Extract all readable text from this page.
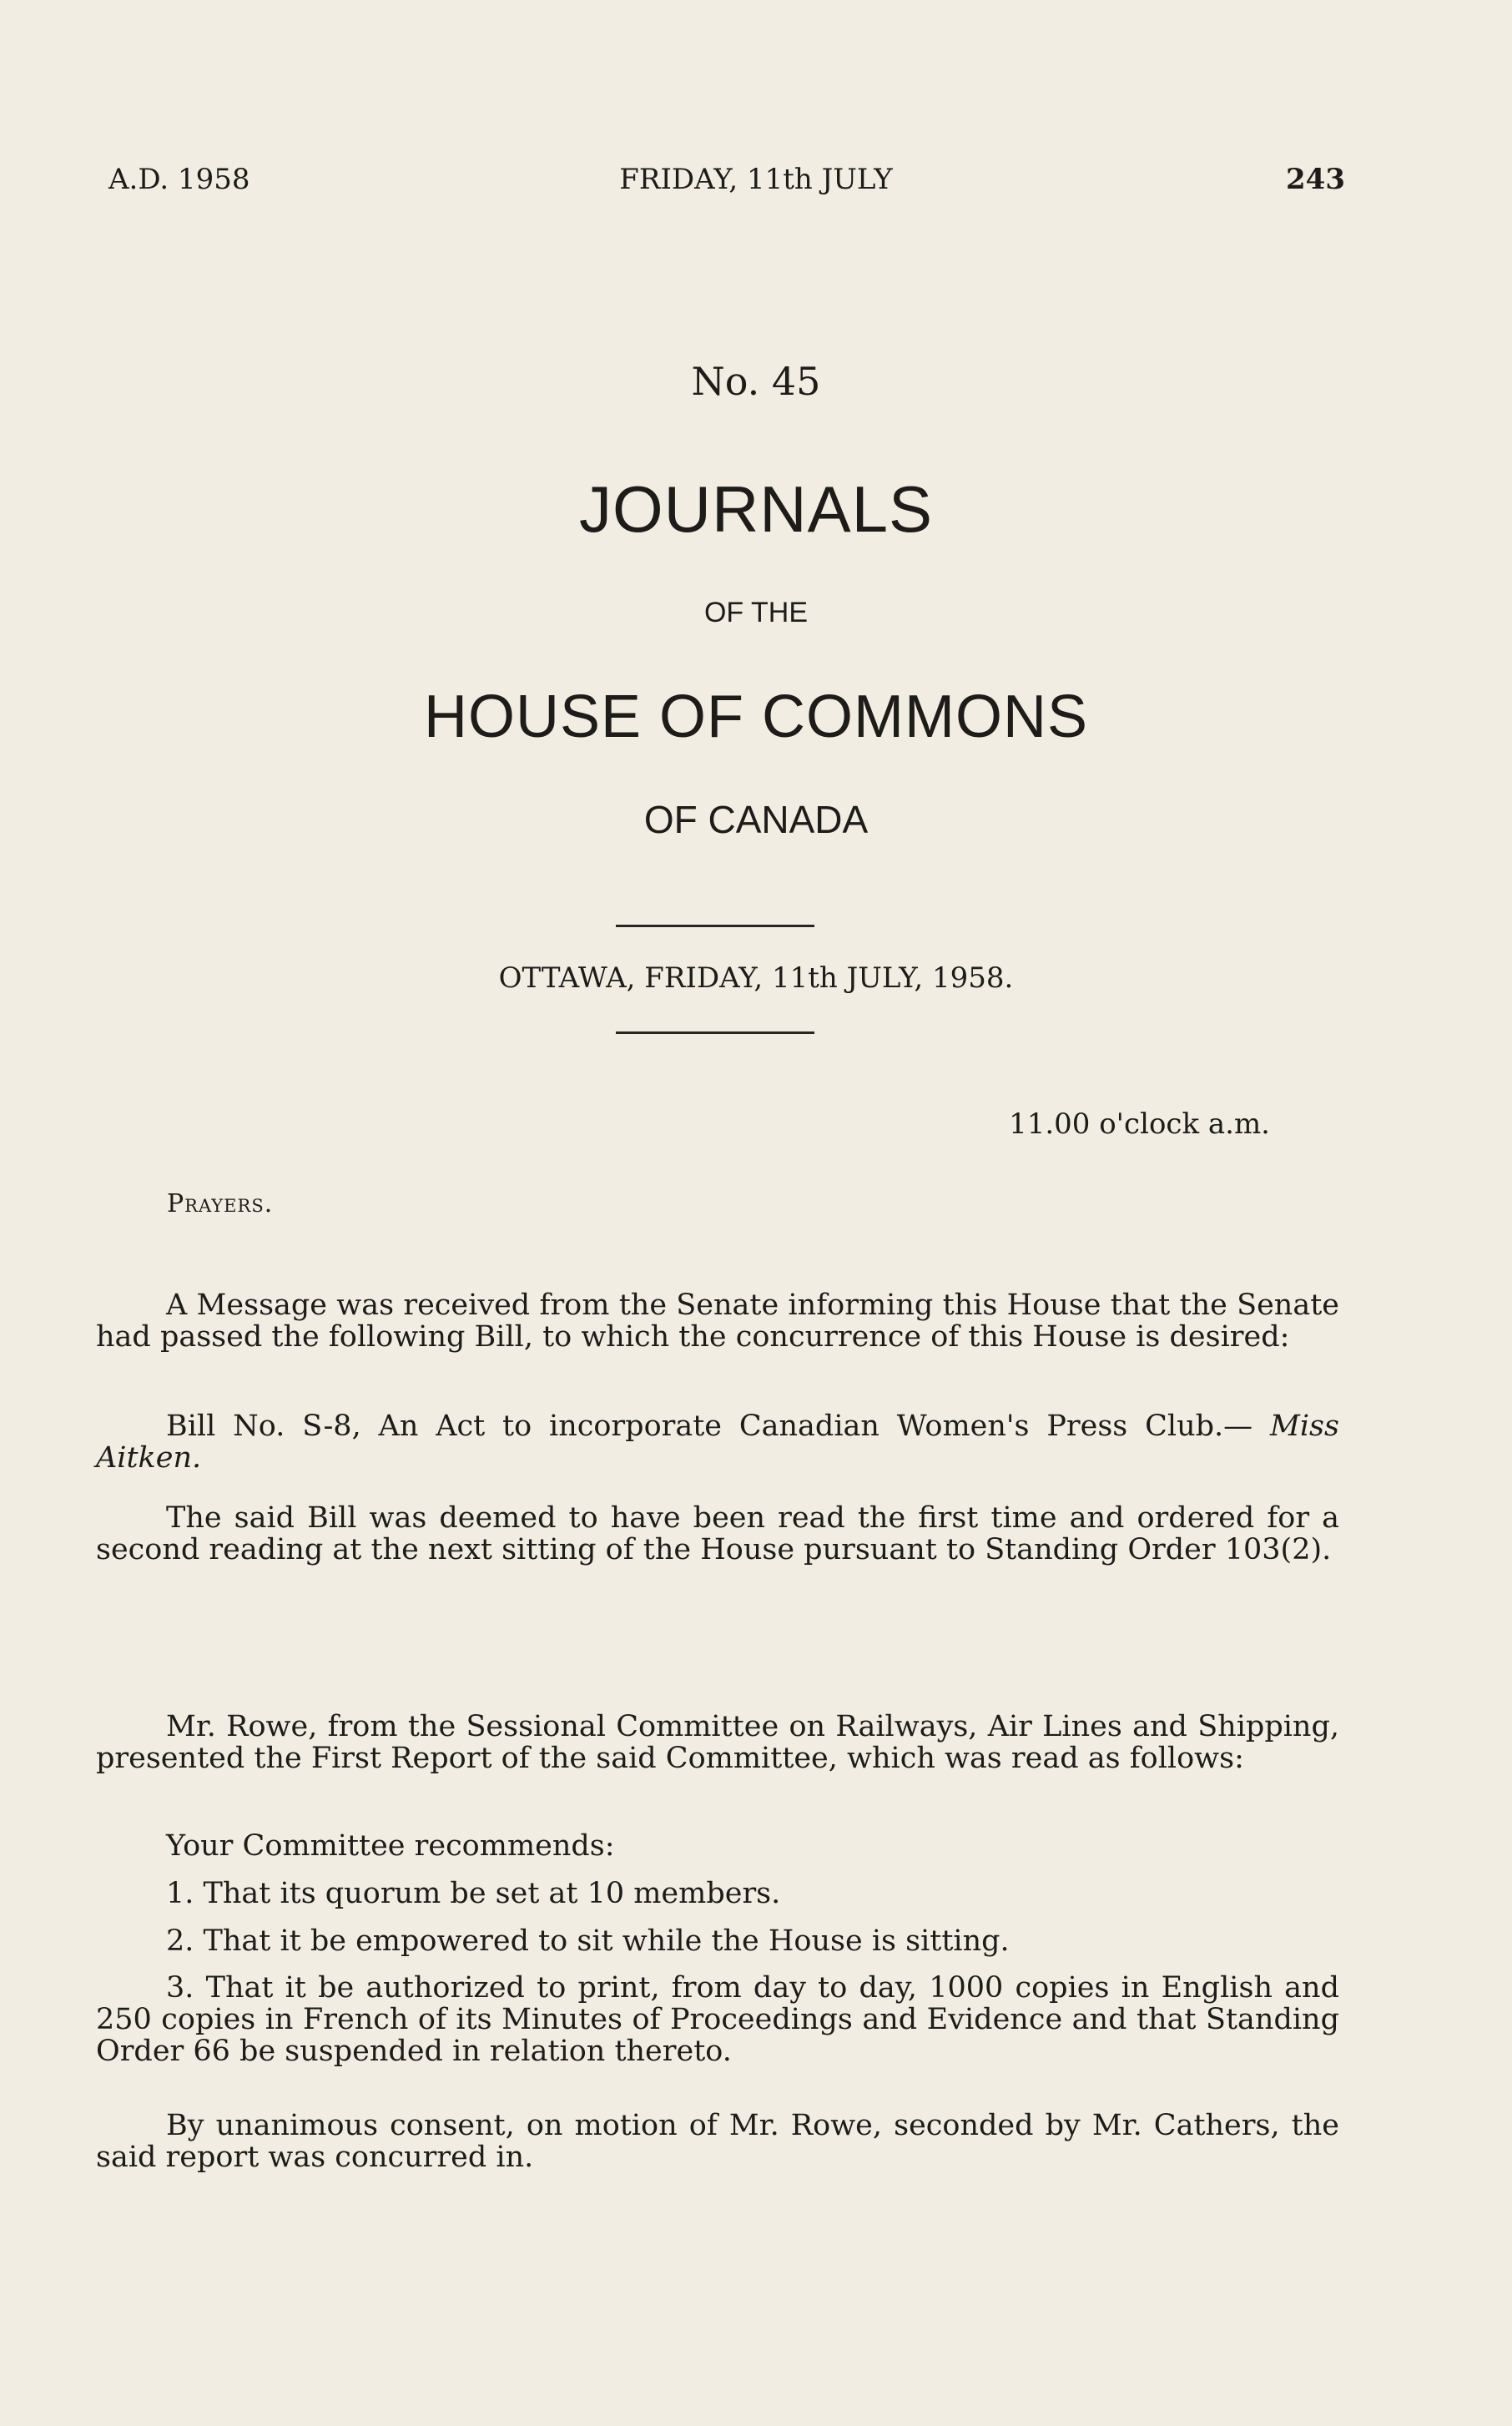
A.D. 1958	FRIDAY, 11th JULY	243
No. 45
JOURNALS
OF THE
HOUSE OF COMMONS
OF CANADA
OTTAWA, FRIDAY, 11th JULY, 1958.
11.00 o'clock a.m.
Prayers.

A Message was received from the Senate informing this House that the Senate had passed the following Bill, to which the concurrence of this House is desired:

Bill No. S-8, An Act to incorporate Canadian Women's Press Club.— Miss Aitken.

The said Bill was deemed to have been read the first time and ordered for a second reading at the next sitting of the House pursuant to Standing Order 103(2).

Mr. Rowe, from the Sessional Committee on Railways, Air Lines and Shipping, presented the First Report of the said Committee, which was read as follows:

Your Committee recommends:
1. That its quorum be set at 10 members.
2. That it be empowered to sit while the House is sitting.

3. That it be authorized to print, from day to day, 1000 copies in English and 250 copies in French of its Minutes of Proceedings and Evidence and that Standing Order 66 be suspended in relation thereto.

By unanimous consent, on motion of Mr. Rowe, seconded by Mr. Cathers, the said report was concurred in.
